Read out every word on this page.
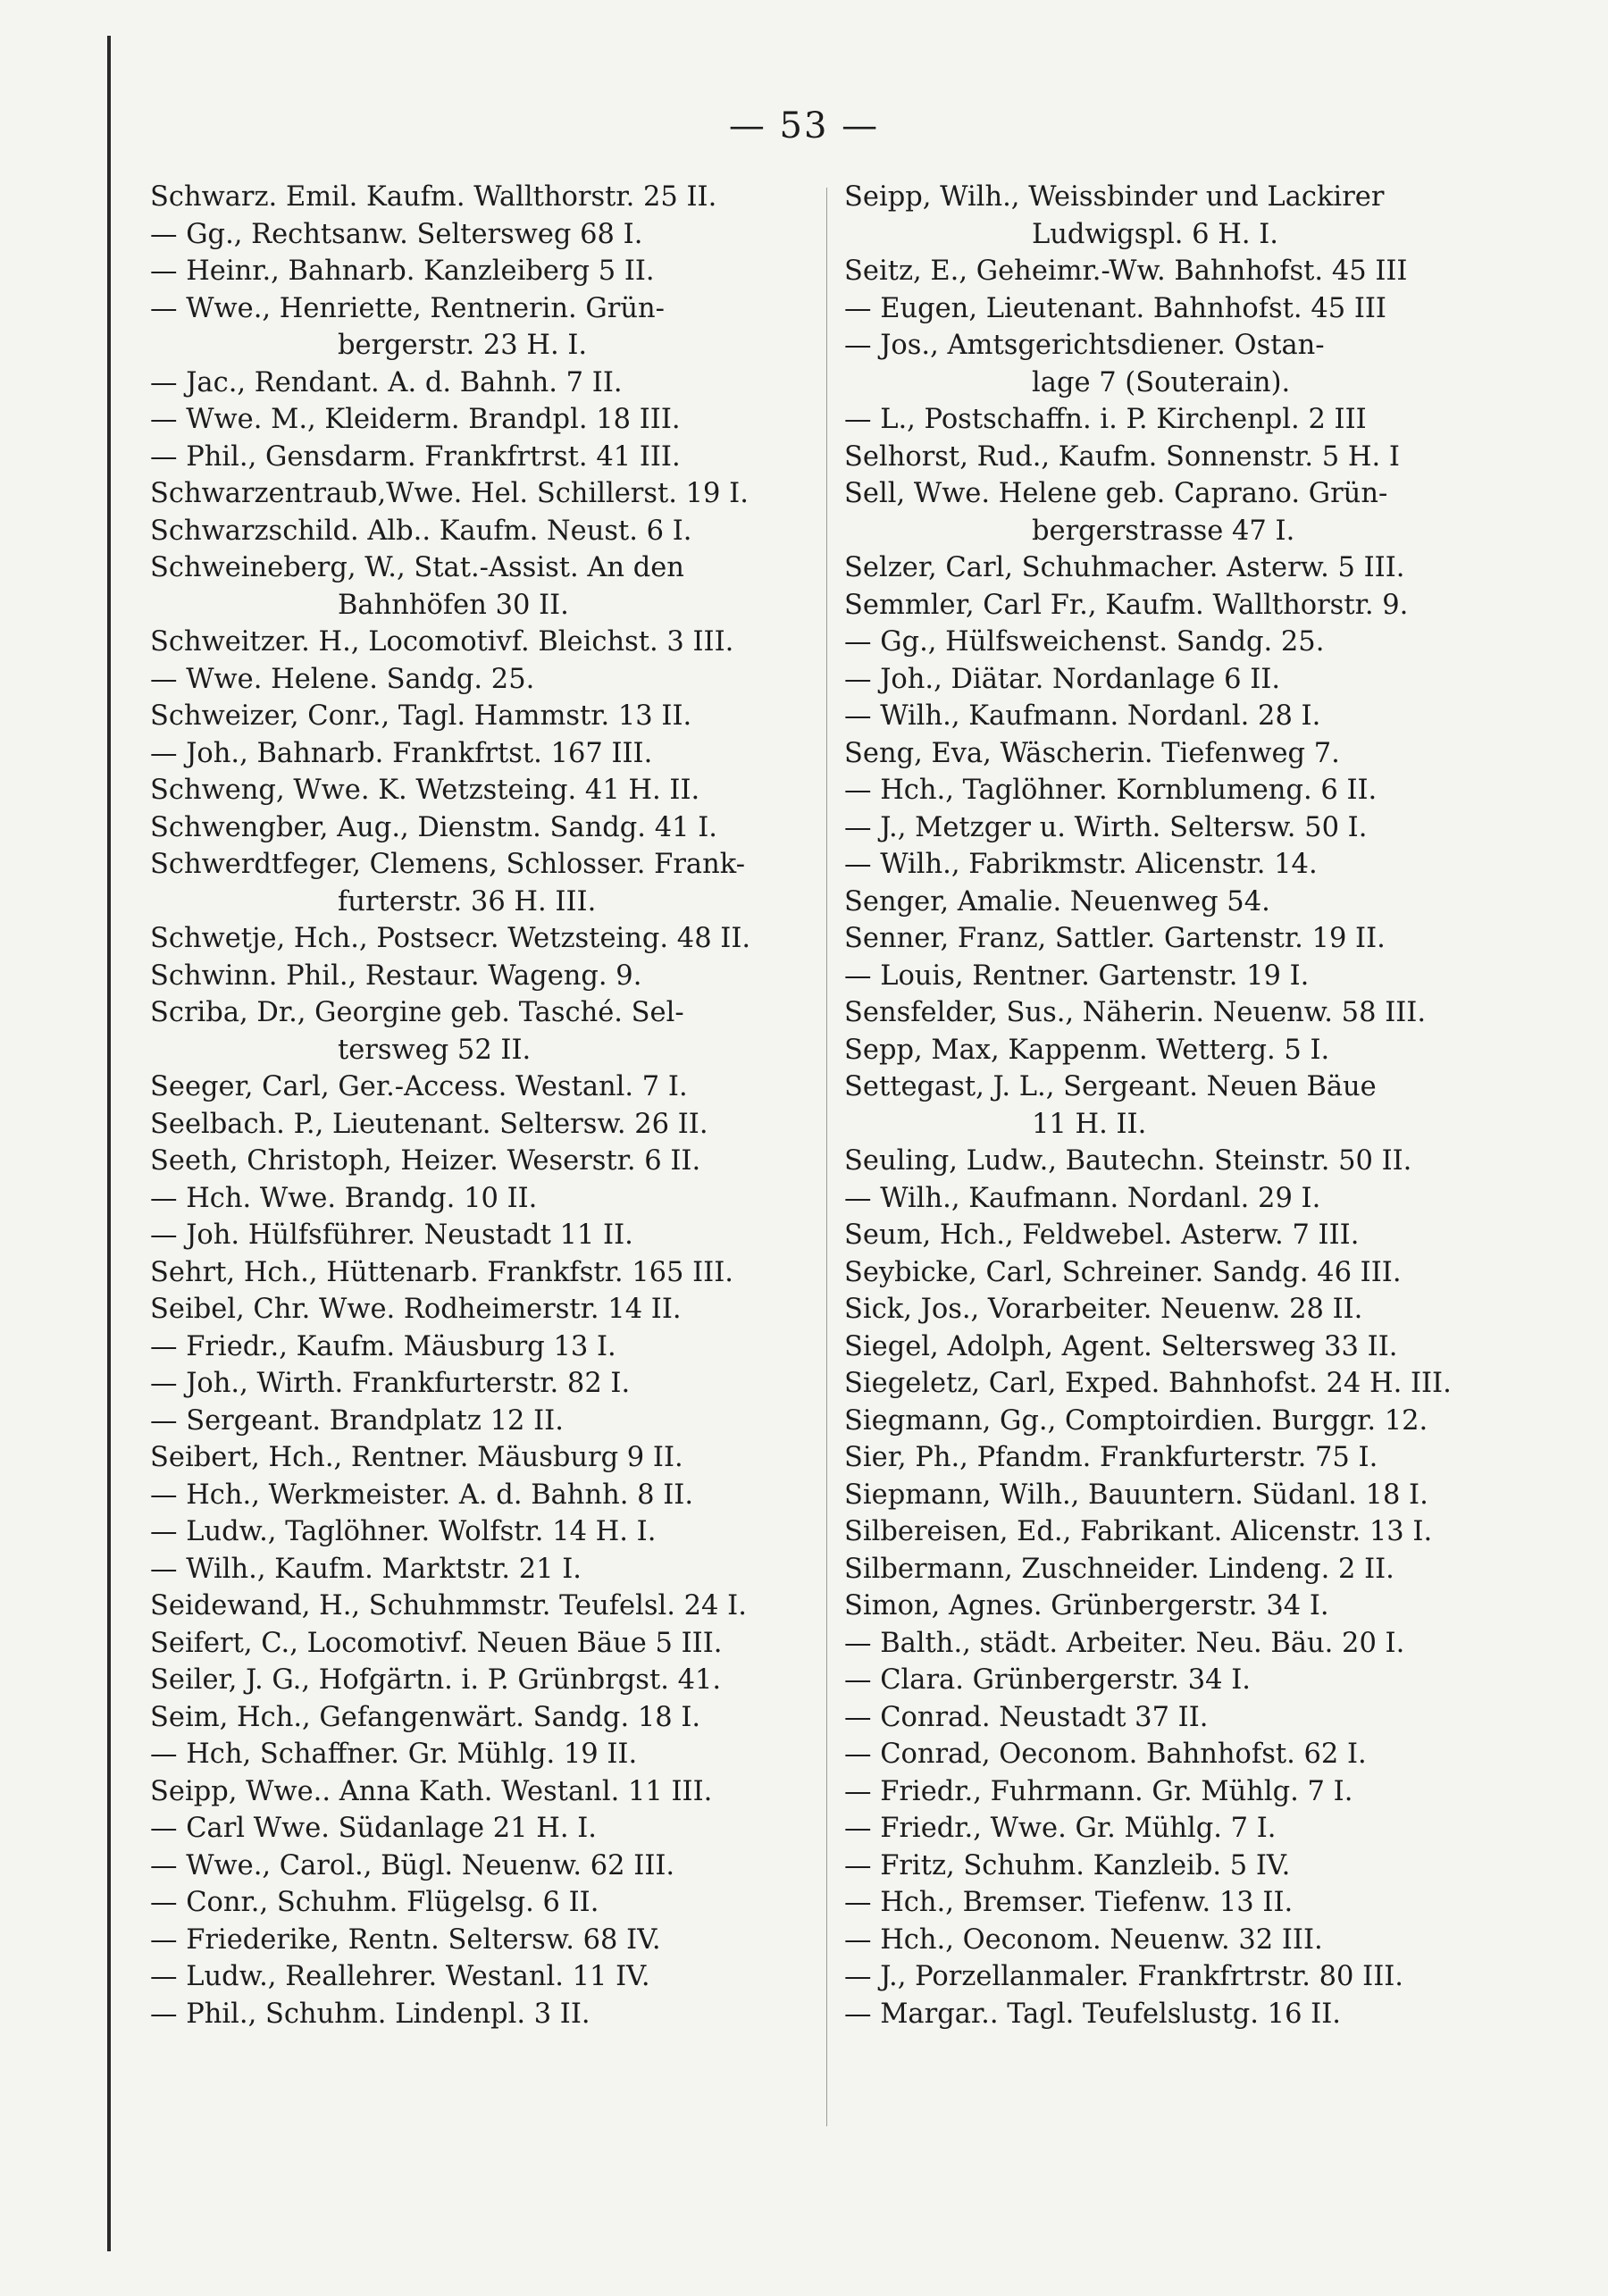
— 53 —
Schwarz. Emil. Kaufm. Wallthorstr. 25 II.
— Gg., Rechtsanw. Seltersweg 68 I.
— Heinr., Bahnarb. Kanzleiberg 5 II.
— Wwe., Henriette, Rentnerin. Grün-
bergerstr. 23 H. I.
— Jac., Rendant. A. d. Bahnh. 7 II.
— Wwe. M., Kleiderm. Brandpl. 18 III.
— Phil., Gensdarm. Frankfrtrst. 41 III.
Schwarzentraub,Wwe. Hel. Schillerst. 19 I.
Schwarzschild. Alb.. Kaufm. Neust. 6 I.
Schweineberg, W., Stat.-Assist. An den
Bahnhöfen 30 II.
Schweitzer. H., Locomotivf. Bleichst. 3 III.
— Wwe. Helene. Sandg. 25.
Schweizer, Conr., Tagl. Hammstr. 13 II.
— Joh., Bahnarb. Frankfrtst. 167 III.
Schweng, Wwe. K. Wetzsteing. 41 H. II.
Schwengber, Aug., Dienstm. Sandg. 41 I.
Schwerdtfeger, Clemens, Schlosser. Frank-
furterstr. 36 H. III.
Schwetje, Hch., Postsecr. Wetzsteing. 48 II.
Schwinn. Phil., Restaur. Wageng. 9.
Scriba, Dr., Georgine geb. Tasché. Sel-
tersweg 52 II.
Seeger, Carl, Ger.-Access. Westanl. 7 I.
Seelbach. P., Lieutenant. Seltersw. 26 II.
Seeth, Christoph, Heizer. Weserstr. 6 II.
— Hch. Wwe. Brandg. 10 II.
— Joh. Hülfsführer. Neustadt 11 II.
Sehrt, Hch., Hüttenarb. Frankfstr. 165 III.
Seibel, Chr. Wwe. Rodheimerstr. 14 II.
— Friedr., Kaufm. Mäusburg 13 I.
— Joh., Wirth. Frankfurterstr. 82 I.
— Sergeant. Brandplatz 12 II.
Seibert, Hch., Rentner. Mäusburg 9 II.
— Hch., Werkmeister. A. d. Bahnh. 8 II.
— Ludw., Taglöhner. Wolfstr. 14 H. I.
— Wilh., Kaufm. Marktstr. 21 I.
Seidewand, H., Schuhmmstr. Teufelsl. 24 I.
Seifert, C., Locomotivf. Neuen Bäue 5 III.
Seiler, J. G., Hofgärtn. i. P. Grünbrgst. 41.
Seim, Hch., Gefangenwärt. Sandg. 18 I.
— Hch, Schaffner. Gr. Mühlg. 19 II.
Seipp, Wwe.. Anna Kath. Westanl. 11 III.
— Carl Wwe. Südanlage 21 H. I.
— Wwe., Carol., Bügl. Neuenw. 62 III.
— Conr., Schuhm. Flügelsg. 6 II.
— Friederike, Rentn. Seltersw. 68 IV.
— Ludw., Reallehrer. Westanl. 11 IV.
— Phil., Schuhm. Lindenpl. 3 II.
Seipp, Wilh., Weissbinder und Lackirer
Ludwigspl. 6 H. I.
Seitz, E., Geheimr.-Ww. Bahnhofst. 45 III
— Eugen, Lieutenant. Bahnhofst. 45 III
— Jos., Amtsgerichtsdiener. Ostan-
lage 7 (Souterain).
— L., Postschaffn. i. P. Kirchenpl. 2 III
Selhorst, Rud., Kaufm. Sonnenstr. 5 H. I
Sell, Wwe. Helene geb. Caprano. Grün-
bergerstrasse 47 I.
Selzer, Carl, Schuhmacher. Asterw. 5 III.
Semmler, Carl Fr., Kaufm. Wallthorstr. 9.
— Gg., Hülfsweichenst. Sandg. 25.
— Joh., Diätar. Nordanlage 6 II.
— Wilh., Kaufmann. Nordanl. 28 I.
Seng, Eva, Wäscherin. Tiefenweg 7.
— Hch., Taglöhner. Kornblumeng. 6 II.
— J., Metzger u. Wirth. Seltersw. 50 I.
— Wilh., Fabrikmstr. Alicenstr. 14.
Senger, Amalie. Neuenweg 54.
Senner, Franz, Sattler. Gartenstr. 19 II.
— Louis, Rentner. Gartenstr. 19 I.
Sensfelder, Sus., Näherin. Neuenw. 58 III.
Sepp, Max, Kappenm. Wetterg. 5 I.
Settegast, J. L., Sergeant. Neuen Bäue
11 H. II.
Seuling, Ludw., Bautechn. Steinstr. 50 II.
— Wilh., Kaufmann. Nordanl. 29 I.
Seum, Hch., Feldwebel. Asterw. 7 III.
Seybicke, Carl, Schreiner. Sandg. 46 III.
Sick, Jos., Vorarbeiter. Neuenw. 28 II.
Siegel, Adolph, Agent. Seltersweg 33 II.
Siegeletz, Carl, Exped. Bahnhofst. 24 H. III.
Siegmann, Gg., Comptoirdien. Burggr. 12.
Sier, Ph., Pfandm. Frankfurterstr. 75 I.
Siepmann, Wilh., Bauuntern. Südanl. 18 I.
Silbereisen, Ed., Fabrikant. Alicenstr. 13 I.
Silbermann, Zuschneider. Lindeng. 2 II.
Simon, Agnes. Grünbergerstr. 34 I.
— Balth., städt. Arbeiter. Neu. Bäu. 20 I.
— Clara. Grünbergerstr. 34 I.
— Conrad. Neustadt 37 II.
— Conrad, Oeconom. Bahnhofst. 62 I.
— Friedr., Fuhrmann. Gr. Mühlg. 7 I.
— Friedr., Wwe. Gr. Mühlg. 7 I.
— Fritz, Schuhm. Kanzleib. 5 IV.
— Hch., Bremser. Tiefenw. 13 II.
— Hch., Oeconom. Neuenw. 32 III.
— J., Porzellanmaler. Frankfrtrstr. 80 III.
— Margar.. Tagl. Teufelslustg. 16 II.
